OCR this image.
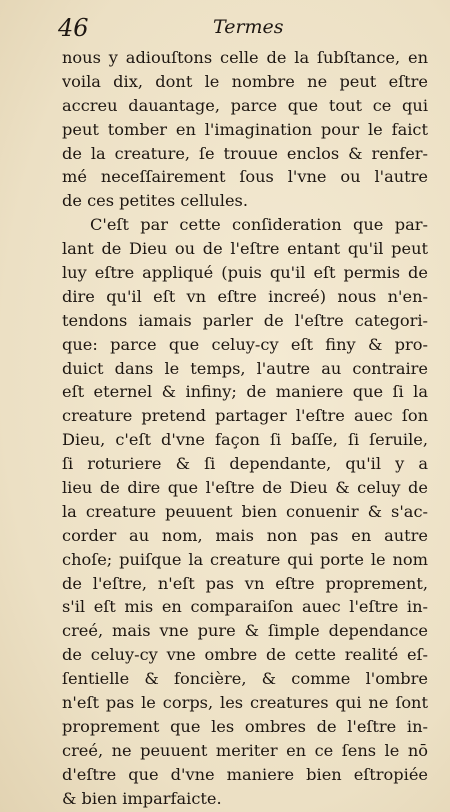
46	Termes
nous y adiouſtons celle de la ſubſtance, en
voila dix, dont le nombre ne peut eſtre
accreu dauantage, parce que tout ce qui
peut tomber en l'imagination pour le faict
de la creature, ſe trouue enclos & renfer-
mé neceſſairement ſous l'vne ou l'autre
de ces petites cellules.
C'eſt par cette conſideration que par-
lant de Dieu ou de l'eſtre entant qu'il peut
luy eſtre appliqué (puis qu'il eſt permis de
dire qu'il eſt vn eſtre increé) nous n'en-
tendons iamais parler de l'eſtre categori-
que: parce que celuy-cy eſt finy & pro-
duict dans le temps, l'autre au contraire
eſt eternel & infiny; de maniere que ſi la
creature pretend partager l'eſtre auec ſon
Dieu, c'eſt d'vne façon ſi baſſe, ſi ſeruile,
ſi roturiere & ſi dependante, qu'il y a
lieu de dire que l'eſtre de Dieu & celuy de
la creature peuuent bien conuenir & s'ac-
corder au nom, mais non pas en autre
choſe; puiſque la creature qui porte le nom
de l'eſtre, n'eſt pas vn eſtre proprement,
s'il eſt mis en comparaiſon auec l'eſtre in-
creé, mais vne pure & ſimple dependance
de celuy-cy vne ombre de cette realité eſ-
ſentielle & foncière, & comme l'ombre
n'eſt pas le corps, les creatures qui ne ſont
proprement que les ombres de l'eſtre in-
creé, ne peuuent meriter en ce ſens le nō
d'eſtre que d'vne maniere bien eſtropiée
& bien imparfaicte.
